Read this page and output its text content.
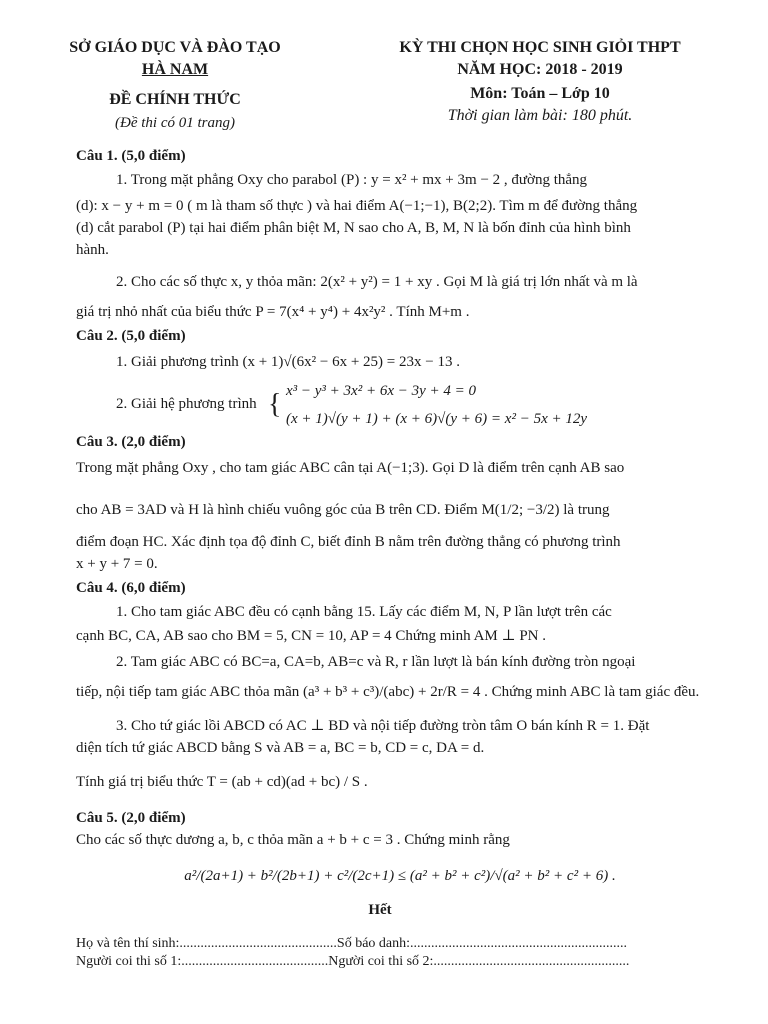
SỞ GIÁO DỤC VÀ ĐÀO TẠO
HÀ NAM
ĐỀ CHÍNH THỨC
(Đề thi có 01 trang)
KỲ THI CHỌN HỌC SINH GIỎI THPT
NĂM HỌC: 2018 - 2019
Môn: Toán – Lớp 10
Thời gian làm bài: 180 phút.
Câu 1. (5,0 điểm)
1. Trong mặt phẳng Oxy cho parabol (P) : y = x² + mx + 3m − 2 , đường thẳng
(d): x − y + m = 0 ( m là tham số thực ) và hai điểm A(−1;−1), B(2;2). Tìm m để đường thẳng
(d) cắt parabol (P) tại hai điểm phân biệt M, N sao cho A, B, M, N là bốn đỉnh của hình bình
hành.
2. Cho các số thực x, y thỏa mãn: 2(x² + y²) = 1 + xy . Gọi M là giá trị lớn nhất và m là
giá trị nhỏ nhất của biểu thức P = 7(x⁴ + y⁴) + 4x²y² . Tính M+m .
Câu 2. (5,0 điểm)
1. Giải phương trình (x + 1)√(6x² − 6x + 25) = 23x − 13 .
2. Giải hệ phương trình { x³ − y³ + 3x² + 6x − 3y + 4 = 0
(x + 1)√(y + 1) + (x + 6)√(y + 6) = x² − 5x + 12y
Câu 3. (2,0 điểm)
Trong mặt phẳng Oxy , cho tam giác ABC cân tại A(−1;3). Gọi D là điểm trên cạnh AB sao
cho AB = 3AD và H là hình chiếu vuông góc của B trên CD. Điểm M(1/2; −3/2) là trung
điểm đoạn HC. Xác định tọa độ đỉnh C, biết đỉnh B nằm trên đường thẳng có phương trình
x + y + 7 = 0.
Câu 4. (6,0 điểm)
1. Cho tam giác ABC đều có cạnh bằng 15. Lấy các điểm M, N, P lần lượt trên các
cạnh BC, CA, AB sao cho BM = 5, CN = 10, AP = 4 Chứng minh AM ⊥ PN .
2. Tam giác ABC có BC=a, CA=b, AB=c và R, r lần lượt là bán kính đường tròn ngoại
tiếp, nội tiếp tam giác ABC thỏa mãn (a³ + b³ + c³)/(abc) + 2r/R = 4 . Chứng minh ABC là tam giác đều.
3. Cho tứ giác lồi ABCD có AC ⊥ BD và nội tiếp đường tròn tâm O bán kính R = 1. Đặt
diện tích tứ giác ABCD bằng S và AB = a, BC = b, CD = c, DA = d.
Tính giá trị biểu thức T = (ab + cd)(ad + bc) / S .
Câu 5. (2,0 điểm)
Cho các số thực dương a, b, c thỏa mãn a + b + c = 3 . Chứng minh rằng
a²/(2a+1) + b²/(2b+1) + c²/(2c+1) ≤ (a² + b² + c²)/√(a² + b² + c² + 6) .
Hết
Họ và tên thí sinh:.............................................Số báo danh:..............................................................
Người coi thi số 1:..........................................Người coi thi số 2:........................................................
